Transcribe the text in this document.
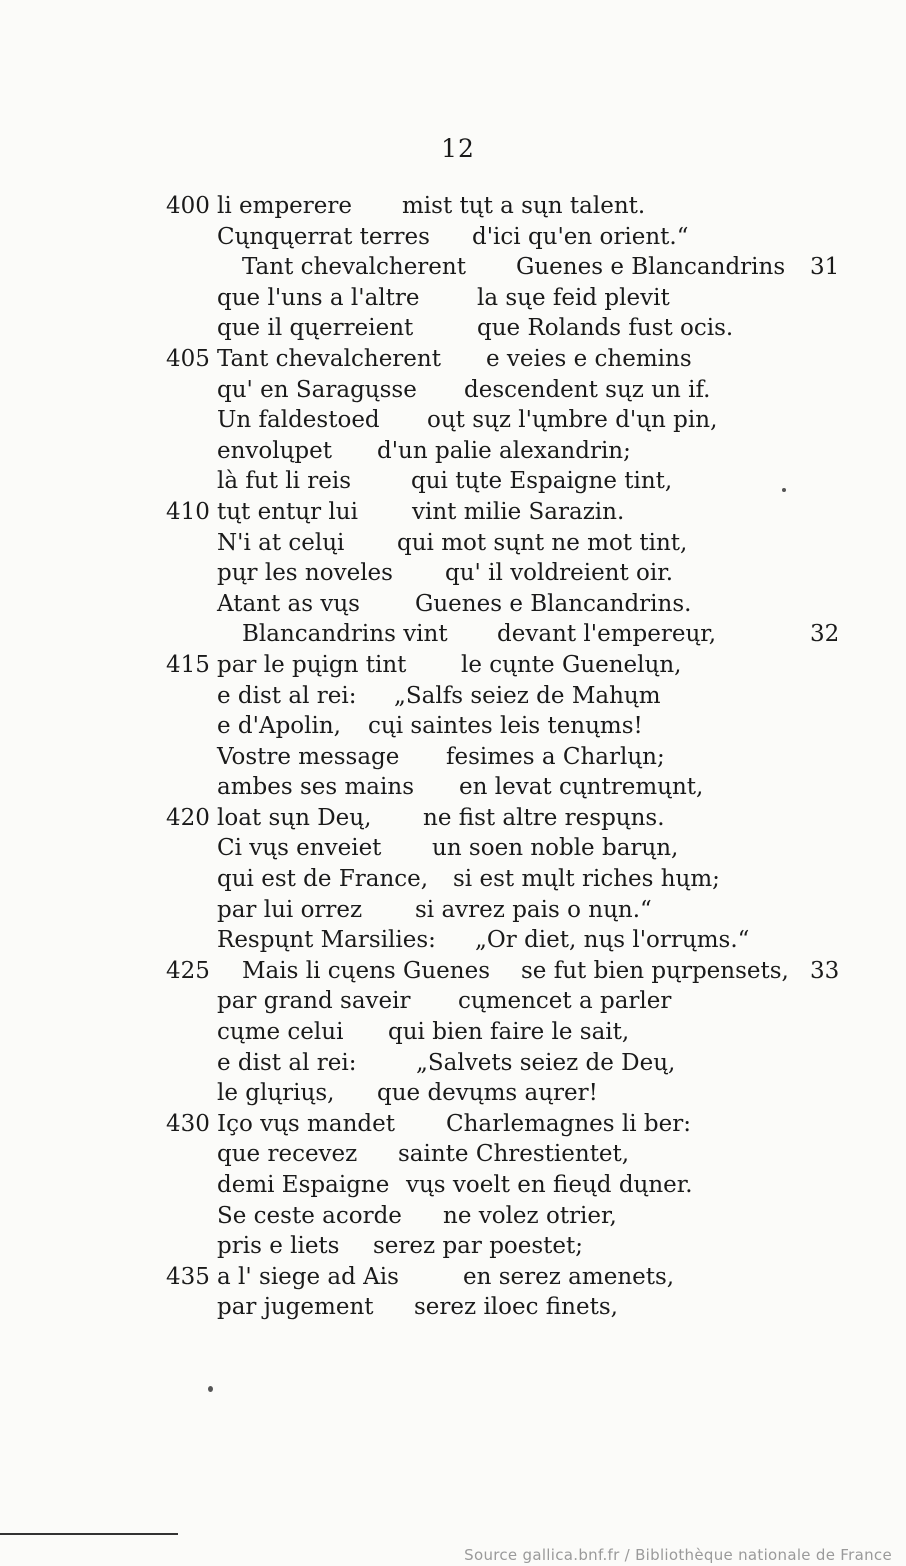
12
400 li emperere mist tųt a sųn talent.
Cųnqųerrat terres d'ici qu'en orient.“
Tant chevalcherent Guenes e Blancandrins 31
que l'uns a l'altre	la sųe feid plevit
que il qųerreient	que Rolands fust ocis.
405 Tant chevalcherent e veies e chemins
qu' en Saragųsse descendent sųz un if.
Un faldestoed oųt sųz l'ųmbre d'ųn pin,
envolųpet d'un palie alexandrin;
là fut li reis	qui tųte Espaigne tint,
410 tųt entųr lui vint milie Sarazin.
N'i at celųi qui mot sųnt ne mot tint,
pųr les noveles qu' il voldreient oir.
Atant as vųs Guenes e Blancandrins.
Blancandrins vint devant l'empereųr,	32
415 par le pųign tint le cųnte Guenelųn,
e dist al rei: „Salfs seiez de Mahųm
e d'Apolin, cųi saintes leis tenųms!
Vostre message fesimes a Charlųn;
ambes ses mains en levat cųntremųnt,
420 loat sųn Deų, ne fist altre respųns.
Ci vųs enveiet un soen noble barųn,
qui est de France, si est mųlt riches hųm;
par lui orrez si avrez pais o nųn.“
Respųnt Marsilies: „Or diet, nųs l'orrųms.“
425 Mais li cųens Guenes se fut bien pųrpensets, 33
par grand saveir cųmencet a parler
cųme celui qui bien faire le sait,
e dist al rei:	„Salvets seiez de Deų,
le glųriųs, que devųms aųrer!
430 Iço vųs mandet Charlemagnes li ber:
que recevez sainte Chrestientet,
demi Espaigne vųs voelt en fieųd dųner.
Se ceste acorde ne volez otrier,
pris e liets serez par poestet;
435 a l' siege ad Ais	en serez amenets,
par jugement serez iloec finets,
Source gallica.bnf.fr / Bibliothèque nationale de France
